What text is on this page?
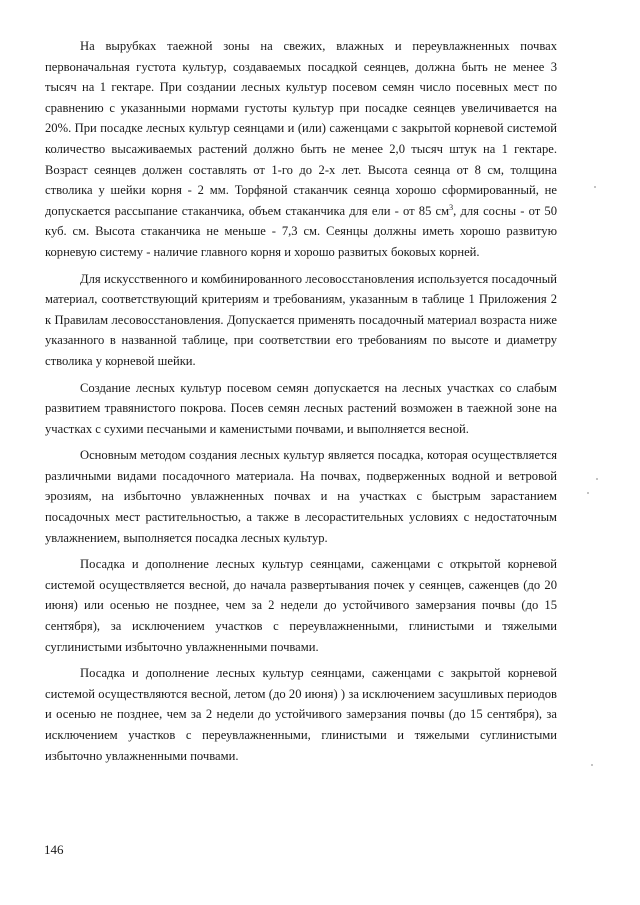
На вырубках таежной зоны на свежих, влажных и переувлажненных почвах первоначальная густота культур, создаваемых посадкой сеянцев, должна быть не менее 3 тысяч на 1 гектаре. При создании лесных культур посевом семян число посевных мест по сравнению с указанными нормами густоты культур при посадке сеянцев увеличивается на 20%. При посадке лесных культур сеянцами и (или) саженцами с закрытой корневой системой количество высаживаемых растений должно быть не менее 2,0 тысяч штук на 1 гектаре. Возраст сеянцев должен составлять от 1-го до 2-х лет. Высота сеянца от 8 см, толщина стволика у шейки корня - 2 мм. Торфяной стаканчик сеянца хорошо сформированный, не допускается рассыпание стаканчика, объем стаканчика для ели - от 85 $см^3$, для сосны - от 50 куб. см. Высота стаканчика не меньше - 7,3 см. Сеянцы должны иметь хорошо развитую корневую систему - наличие главного корня и хорошо развитых боковых корней.

Для искусственного и комбинированного лесовосстановления используется посадочный материал, соответствующий критериям и требованиям, указанным в таблице 1 Приложения 2 к Правилам лесовосстановления. Допускается применять посадочный материал возраста ниже указанного в названной таблице, при соответствии его требованиям по высоте и диаметру стволика у корневой шейки.

Создание лесных культур посевом семян допускается на лесных участках со слабым развитием травянистого покрова. Посев семян лесных растений возможен в таежной зоне на участках с сухими песчаными и каменистыми почвами, и выполняется весной.

Основным методом создания лесных культур является посадка, которая осуществляется различными видами посадочного материала. На почвах, подверженных водной и ветровой эрозиям, на избыточно увлажненных почвах и на участках с быстрым зарастанием посадочных мест растительностью, а также в лесорастительных условиях с недостаточным увлажнением, выполняется посадка лесных культур.

Посадка и дополнение лесных культур сеянцами, саженцами с открытой корневой системой осуществляется весной, до начала развертывания почек у сеянцев, саженцев (до 20 июня) или осенью не позднее, чем за 2 недели до устойчивого замерзания почвы (до 15 сентября), за исключением участков с переувлажненными, глинистыми и тяжелыми суглинистыми избыточно увлажненными почвами.

Посадка и дополнение лесных культур сеянцами, саженцами с закрытой корневой системой осуществляются весной, летом (до 20 июня) ) за исключением засушливых периодов и осенью не позднее, чем за 2 недели до устойчивого замерзания почвы (до 15 сентября), за исключением участков с переувлажненными, глинистыми и тяжелыми суглинистыми избыточно увлажненными почвами.

146
